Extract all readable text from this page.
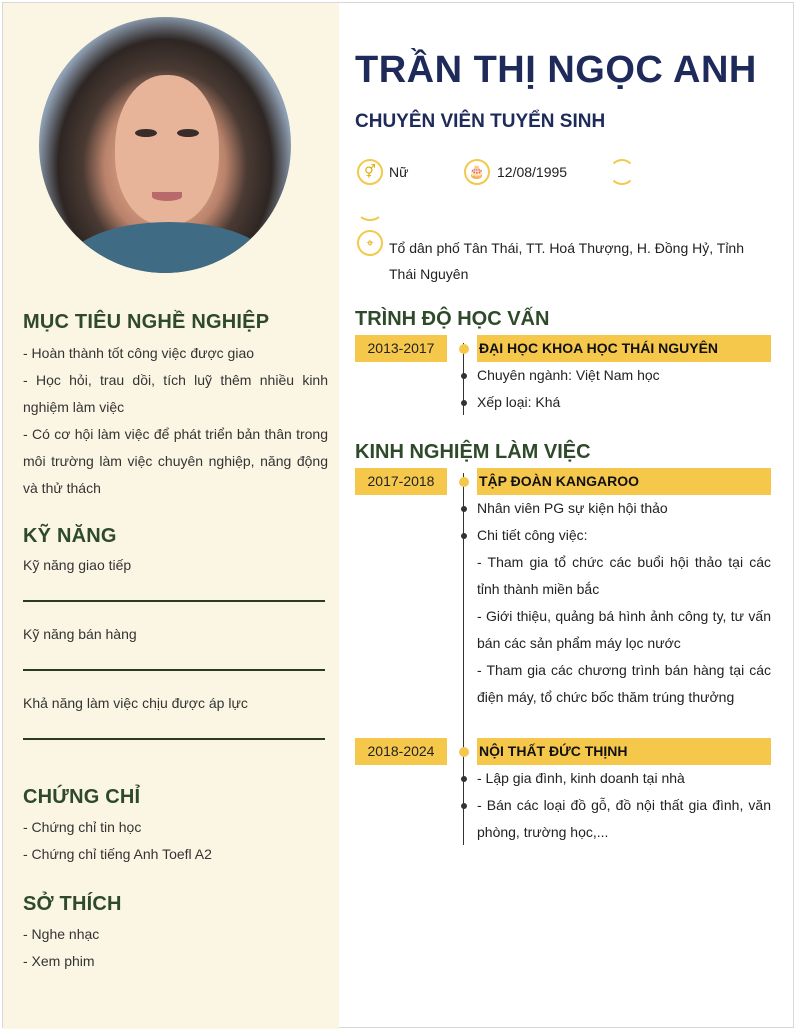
MỤC TIÊU NGHỀ NGHIỆP
- Hoàn thành tốt công việc được giao
- Học hỏi, trau dồi, tích luỹ thêm nhiều kinh nghiệm làm việc
- Có cơ hội làm việc để phát triển bản thân trong môi trường làm việc chuyên nghiệp, năng động và thử thách
KỸ NĂNG
Kỹ năng giao tiếp
Kỹ năng bán hàng
Khả năng làm việc chịu được áp lực
CHỨNG CHỈ
- Chứng chỉ tin học
- Chứng chỉ tiếng Anh Toefl A2
SỞ THÍCH
- Nghe nhạc
- Xem phim
TRẦN THỊ NGỌC ANH
CHUYÊN VIÊN TUYỂN SINH
⚥ Nữ	🎂 12/08/1995
⌖	Tổ dân phố Tân Thái, TT. Hoá Thượng, H. Đồng Hỷ, Tỉnh
Thái Nguyên
TRÌNH ĐỘ HỌC VẤN
2013-2017	ĐẠI HỌC KHOA HỌC THÁI NGUYÊN
Chuyên ngành: Việt Nam học
Xếp loại: Khá
KINH NGHIỆM LÀM VIỆC
2017-2018	TẬP ĐOÀN KANGAROO
Nhân viên PG sự kiện hội thảo
Chi tiết công việc:
- Tham gia tổ chức các buổi hội thảo tại các tỉnh thành miền bắc
- Giới thiệu, quảng bá hình ảnh công ty, tư vấn bán các sản phẩm máy lọc nước
- Tham gia các chương trình bán hàng tại các điện máy, tổ chức bốc thăm trúng thưởng
2018-2024	NỘI THẤT ĐỨC THỊNH
- Lập gia đình, kinh doanh tại nhà
- Bán các loại đồ gỗ, đồ nội thất gia đình, văn phòng, trường học,...
